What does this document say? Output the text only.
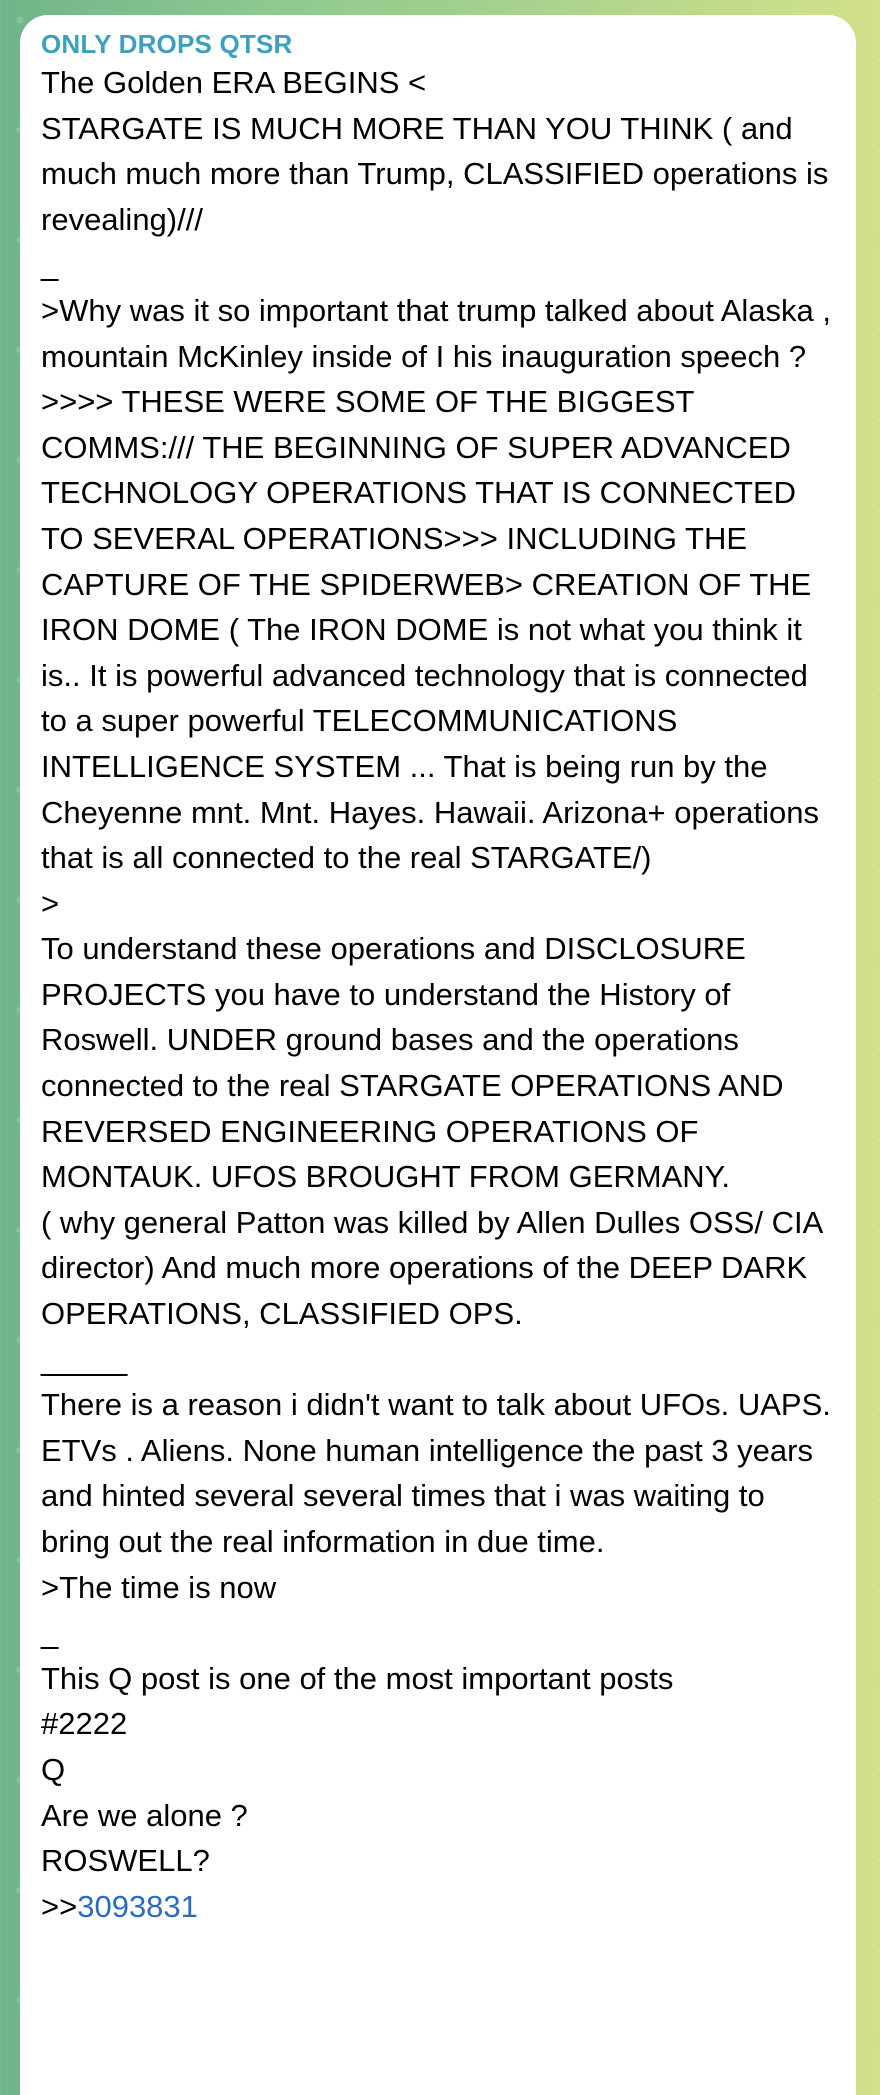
ONLY DROPS QTSR
The Golden ERA BEGINS <
STARGATE IS MUCH MORE THAN YOU THINK ( and much much more than Trump, CLASSIFIED operations is revealing)///
_
>Why was it so important that trump talked about Alaska , mountain McKinley inside of I his inauguration speech ?
>>>> THESE WERE SOME OF THE BIGGEST COMMS:/// THE BEGINNING OF SUPER ADVANCED TECHNOLOGY OPERATIONS THAT IS CONNECTED TO SEVERAL OPERATIONS>>> INCLUDING THE CAPTURE OF THE SPIDERWEB> CREATION OF THE IRON DOME ( The IRON DOME is not what you think it is.. It is powerful advanced technology that is connected to a super powerful TELECOMMUNICATIONS INTELLIGENCE SYSTEM ... That is being run by the Cheyenne mnt. Mnt. Hayes. Hawaii. Arizona+ operations that is all connected to the real STARGATE/)
>
To understand these operations and DISCLOSURE PROJECTS you have to understand the History of Roswell. UNDER ground bases and the operations connected to the real STARGATE OPERATIONS AND REVERSED ENGINEERING OPERATIONS OF MONTAUK. UFOS BROUGHT FROM GERMANY.
( why general Patton was killed by Allen Dulles OSS/ CIA director) And much more operations of the DEEP DARK OPERATIONS, CLASSIFIED OPS.
_____
There is a reason i didn't want to talk about UFOs. UAPS. ETVs . Aliens. None human intelligence the past 3 years and hinted several several times that i was waiting to bring out the real information in due time.
>The time is now
_
This Q post is one of the most important posts
#2222
Q
Are we alone ?
ROSWELL?
>>3093831
